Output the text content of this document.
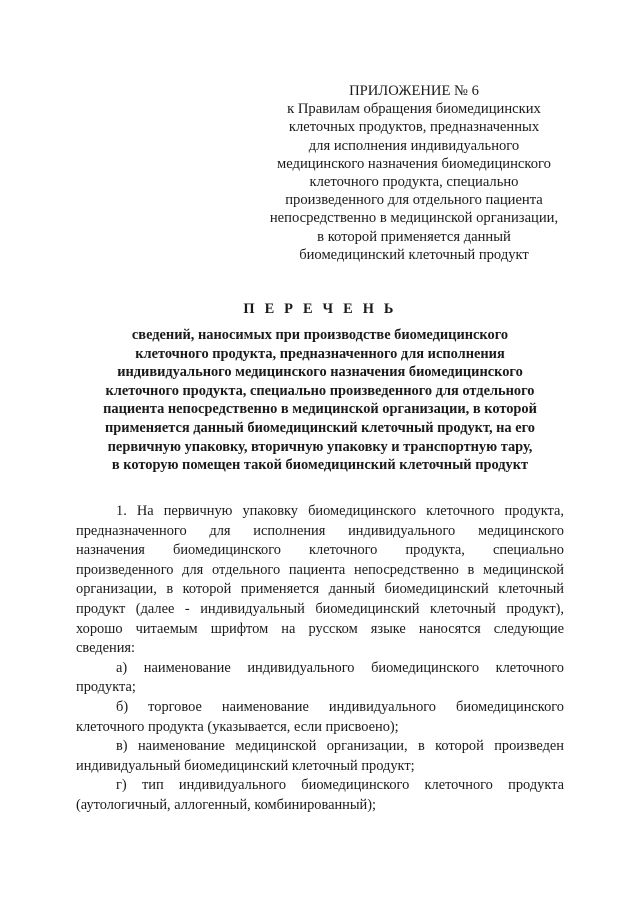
ПРИЛОЖЕНИЕ № 6
к Правилам обращения биомедицинских
клеточных продуктов, предназначенных
для исполнения индивидуального
медицинского назначения биомедицинского
клеточного продукта, специально
произведенного для отдельного пациента
непосредственно в медицинской организации,
в которой применяется данный
биомедицинский клеточный продукт
П Е Р Е Ч Е Н Ь
сведений, наносимых при производстве биомедицинского
клеточного продукта, предназначенного для исполнения
индивидуального медицинского назначения биомедицинского
клеточного продукта, специально произведенного для отдельного
пациента непосредственно в медицинской организации, в которой
применяется данный биомедицинский клеточный продукт, на его
первичную упаковку, вторичную упаковку и транспортную тару,
в которую помещен такой биомедицинский клеточный продукт
1. На первичную упаковку биомедицинского клеточного продукта,
предназначенного для исполнения индивидуального медицинского
назначения биомедицинского клеточного продукта, специально
произведенного для отдельного пациента непосредственно в медицинской
организации, в которой применяется данный биомедицинский клеточный
продукт (далее - индивидуальный биомедицинский клеточный продукт),
хорошо читаемым шрифтом на русском языке наносятся следующие
сведения:
а) наименование индивидуального биомедицинского клеточного
продукта;
б) торговое наименование индивидуального биомедицинского
клеточного продукта (указывается, если присвоено);
в) наименование медицинской организации, в которой произведен
индивидуальный биомедицинский клеточный продукт;
г) тип индивидуального биомедицинского клеточного продукта
(аутологичный, аллогенный, комбинированный);
